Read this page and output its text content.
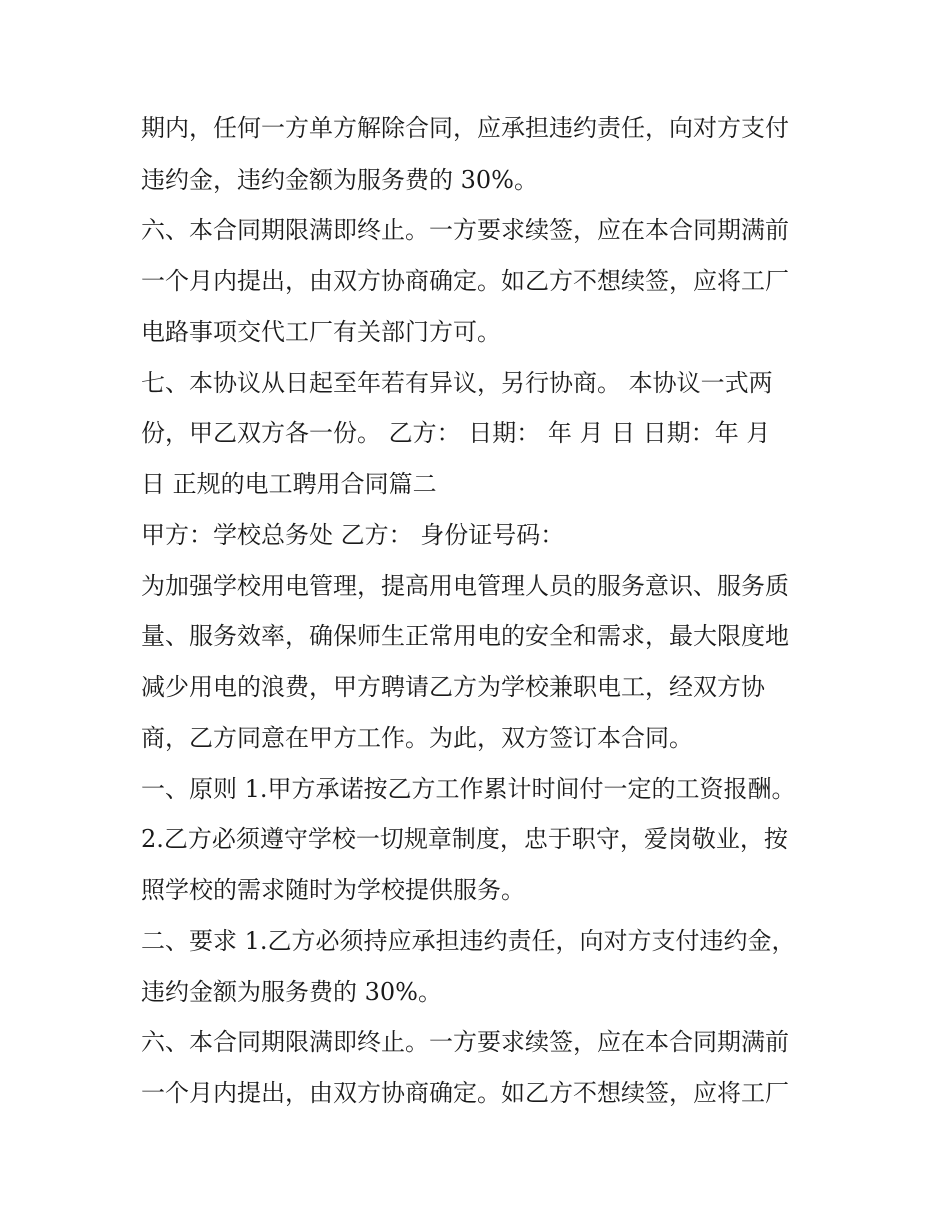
期内，任何一方单方解除合同，应承担违约责任，向对方支付
违约金，违约金额为服务费的 30%。
六、本合同期限满即终止。一方要求续签，应在本合同期满前
一个月内提出，由双方协商确定。如乙方不想续签，应将工厂
电路事项交代工厂有关部门方可。
七、本协议从日起至年若有异议，另行协商。 本协议一式两
份，甲乙双方各一份。 乙方： 日期： 年 月 日 日期：年 月
日 正规的电工聘用合同篇二
甲方：学校总务处 乙方： 身份证号码：
为加强学校用电管理，提高用电管理人员的服务意识、服务质
量、服务效率，确保师生正常用电的安全和需求，最大限度地
减少用电的浪费，甲方聘请乙方为学校兼职电工，经双方协
商，乙方同意在甲方工作。为此，双方签订本合同。
一、原则 1.甲方承诺按乙方工作累计时间付一定的工资报酬。
2.乙方必须遵守学校一切规章制度，忠于职守，爱岗敬业，按
照学校的需求随时为学校提供服务。
二、要求 1.乙方必须持应承担违约责任，向对方支付违约金，
违约金额为服务费的 30%。
六、本合同期限满即终止。一方要求续签，应在本合同期满前
一个月内提出，由双方协商确定。如乙方不想续签，应将工厂
